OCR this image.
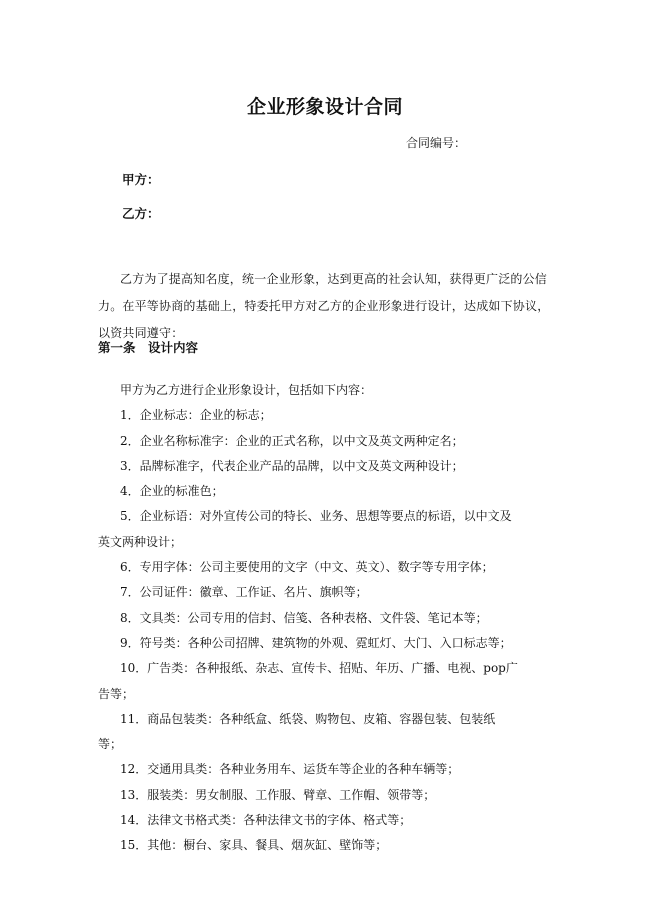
企业形象设计合同
合同编号：
甲方：
乙方：
乙方为了提高知名度，统一企业形象，达到更高的社会认知，获得更广泛的公信力。在平等协商的基础上，特委托甲方对乙方的企业形象进行设计，达成如下协议，以资共同遵守：
第一条　设计内容

甲方为乙方进行企业形象设计，包括如下内容：

1．企业标志：企业的标志；

2．企业名称标准字：企业的正式名称，以中文及英文两种定名；

3．品牌标准字，代表企业产品的品牌，以中文及英文两种设计；

4．企业的标准色；

5．企业标语：对外宣传公司的特长、业务、思想等要点的标语，以中文及英文两种设计；

6．专用字体：公司主要使用的文字（中文、英文）、数字等专用字体；

7．公司证件：徽章、工作证、名片、旗帜等；

8．文具类：公司专用的信封、信笺、各种表格、文件袋、笔记本等；

9．符号类：各种公司招牌、建筑物的外观、霓虹灯、大门、入口标志等；

10．广告类：各种报纸、杂志、宣传卡、招贴、年历、广播、电视、pop广告等；

11．商品包装类：各种纸盒、纸袋、购物包、皮箱、容器包装、包装纸等；

12．交通用具类：各种业务用车、运货车等企业的各种车辆等；

13．服装类：男女制服、工作服、臂章、工作帽、领带等；

14．法律文书格式类：各种法律文书的字体、格式等；

15．其他：橱台、家具、餐具、烟灰缸、壁饰等；
